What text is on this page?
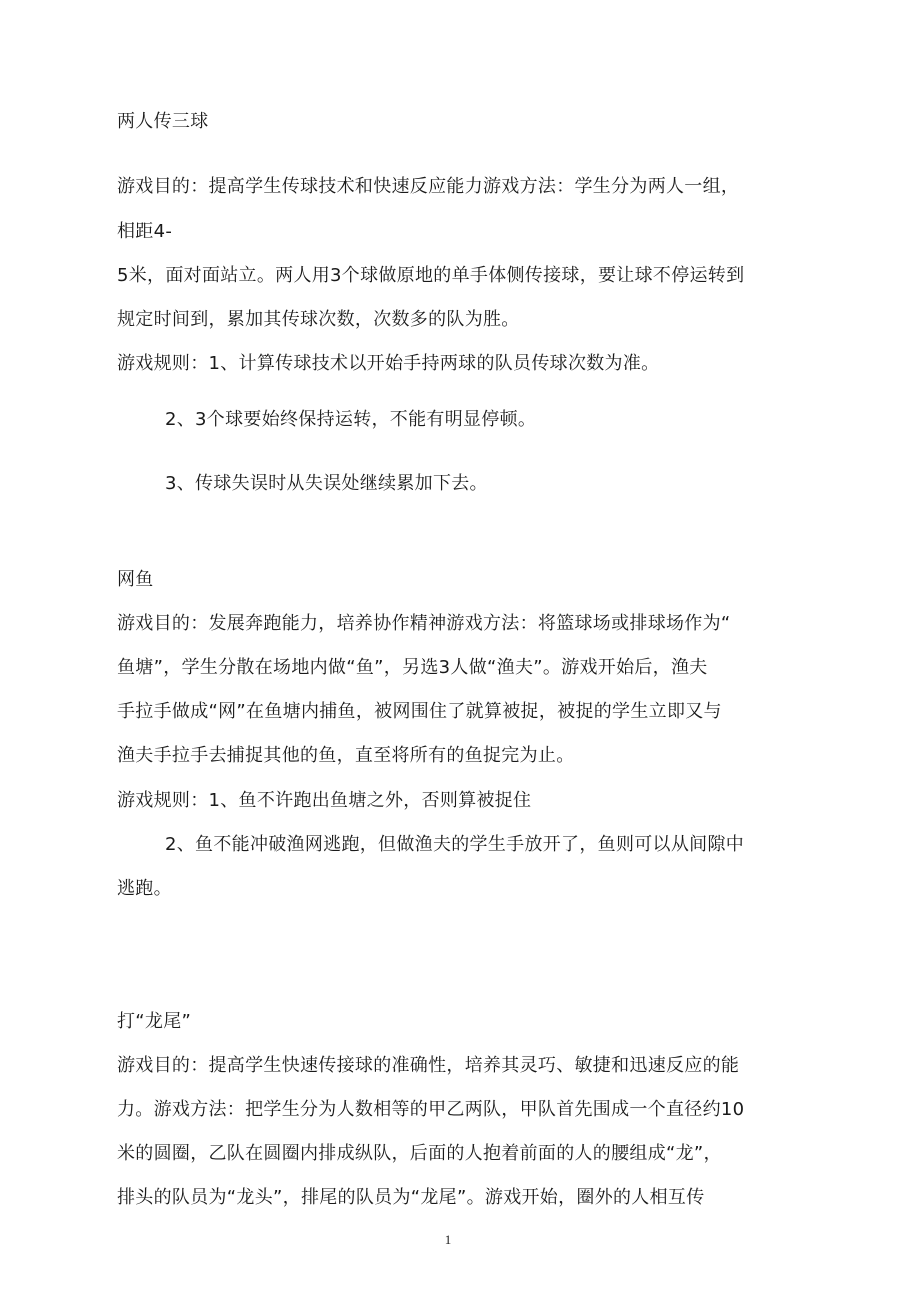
两人传三球
游戏目的：提高学生传球技术和快速反应能力游戏方法：学生分为两人一组，
相距4-
5米，面对面站立。两人用3个球做原地的单手体侧传接球，要让球不停运转到
规定时间到，累加其传球次数，次数多的队为胜。
游戏规则：1、计算传球技术以开始手持两球的队员传球次数为准。
2、3个球要始终保持运转，不能有明显停顿。
3、传球失误时从失误处继续累加下去。
网鱼
游戏目的：发展奔跑能力，培养协作精神游戏方法：将篮球场或排球场作为“
鱼塘”，学生分散在场地内做“鱼”，另选3人做“渔夫”。游戏开始后，渔夫
手拉手做成“网”在鱼塘内捕鱼，被网围住了就算被捉，被捉的学生立即又与
渔夫手拉手去捕捉其他的鱼，直至将所有的鱼捉完为止。
游戏规则：1、鱼不许跑出鱼塘之外，否则算被捉住
2、鱼不能冲破渔网逃跑，但做渔夫的学生手放开了，鱼则可以从间隙中
逃跑。
打“龙尾”
游戏目的：提高学生快速传接球的准确性，培养其灵巧、敏捷和迅速反应的能
力。游戏方法：把学生分为人数相等的甲乙两队，甲队首先围成一个直径约10
米的圆圈，乙队在圆圈内排成纵队，后面的人抱着前面的人的腰组成“龙”，
排头的队员为“龙头”，排尾的队员为“龙尾”。游戏开始，圈外的人相互传
1
